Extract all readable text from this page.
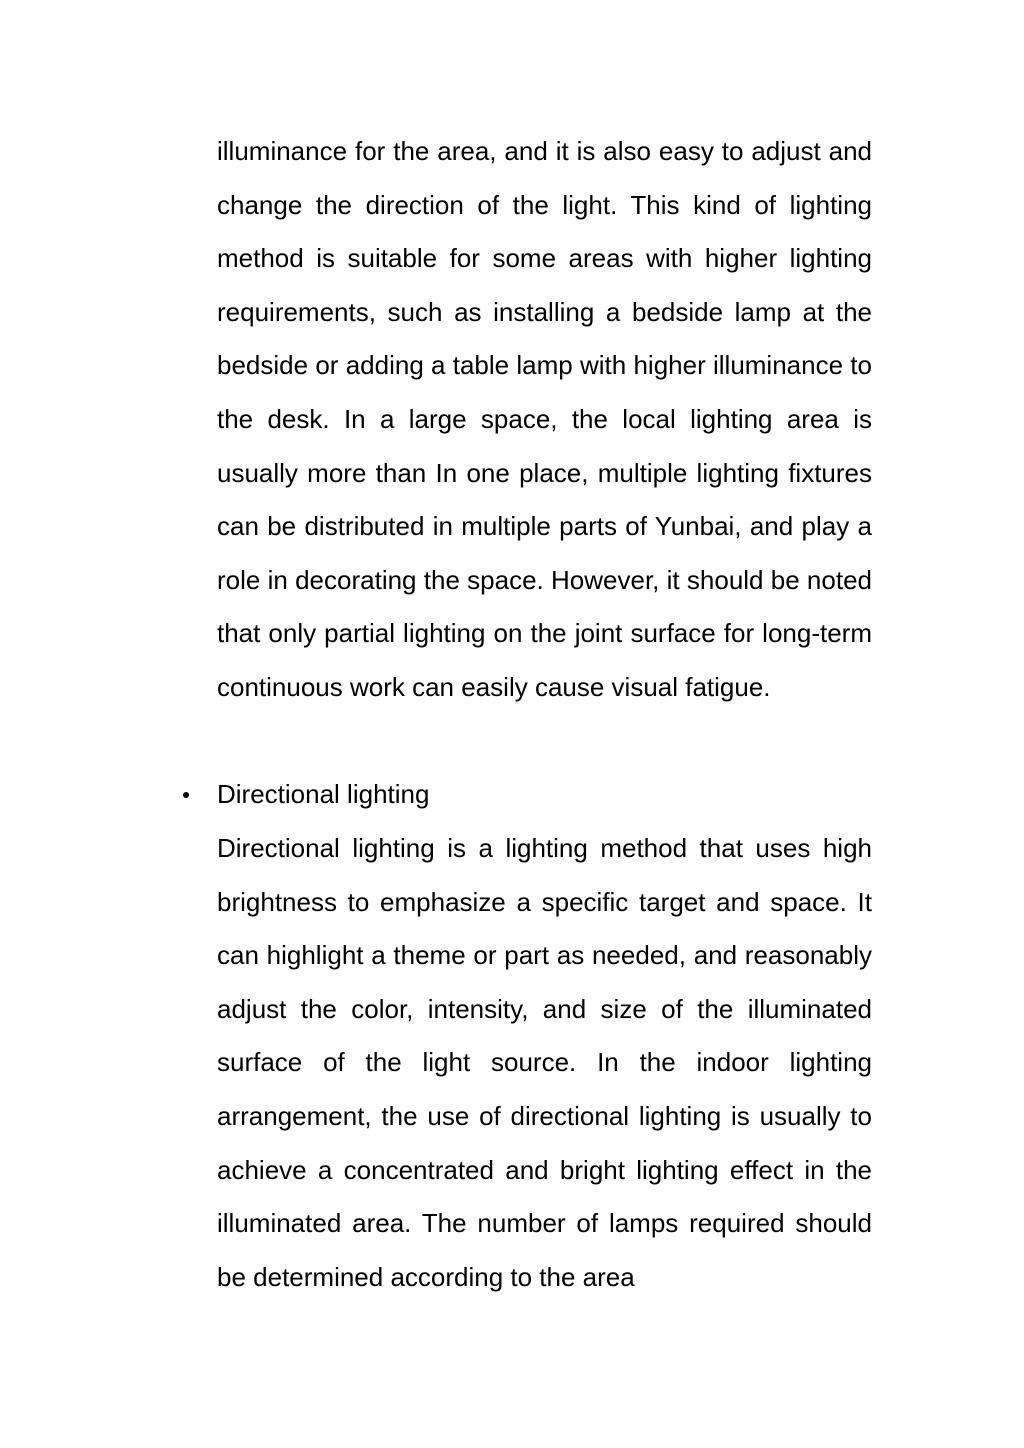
illuminance for the area, and it is also easy to adjust and change the direction of the light. This kind of lighting method is suitable for some areas with higher lighting requirements, such as installing a bedside lamp at the bedside or adding a table lamp with higher illuminance to the desk. In a large space, the local lighting area is usually more than In one place, multiple lighting fixtures can be distributed in multiple parts of Yunbai, and play a role in decorating the space. However, it should be noted that only partial lighting on the joint surface for long-term continuous work can easily cause visual fatigue.

Directional lighting

Directional lighting is a lighting method that uses high brightness to emphasize a specific target and space. It can highlight a theme or part as needed, and reasonably adjust the color, intensity, and size of the illuminated surface of the light source. In the indoor lighting arrangement, the use of directional lighting is usually to achieve a concentrated and bright lighting effect in the illuminated area. The number of lamps required should be determined according to the area
